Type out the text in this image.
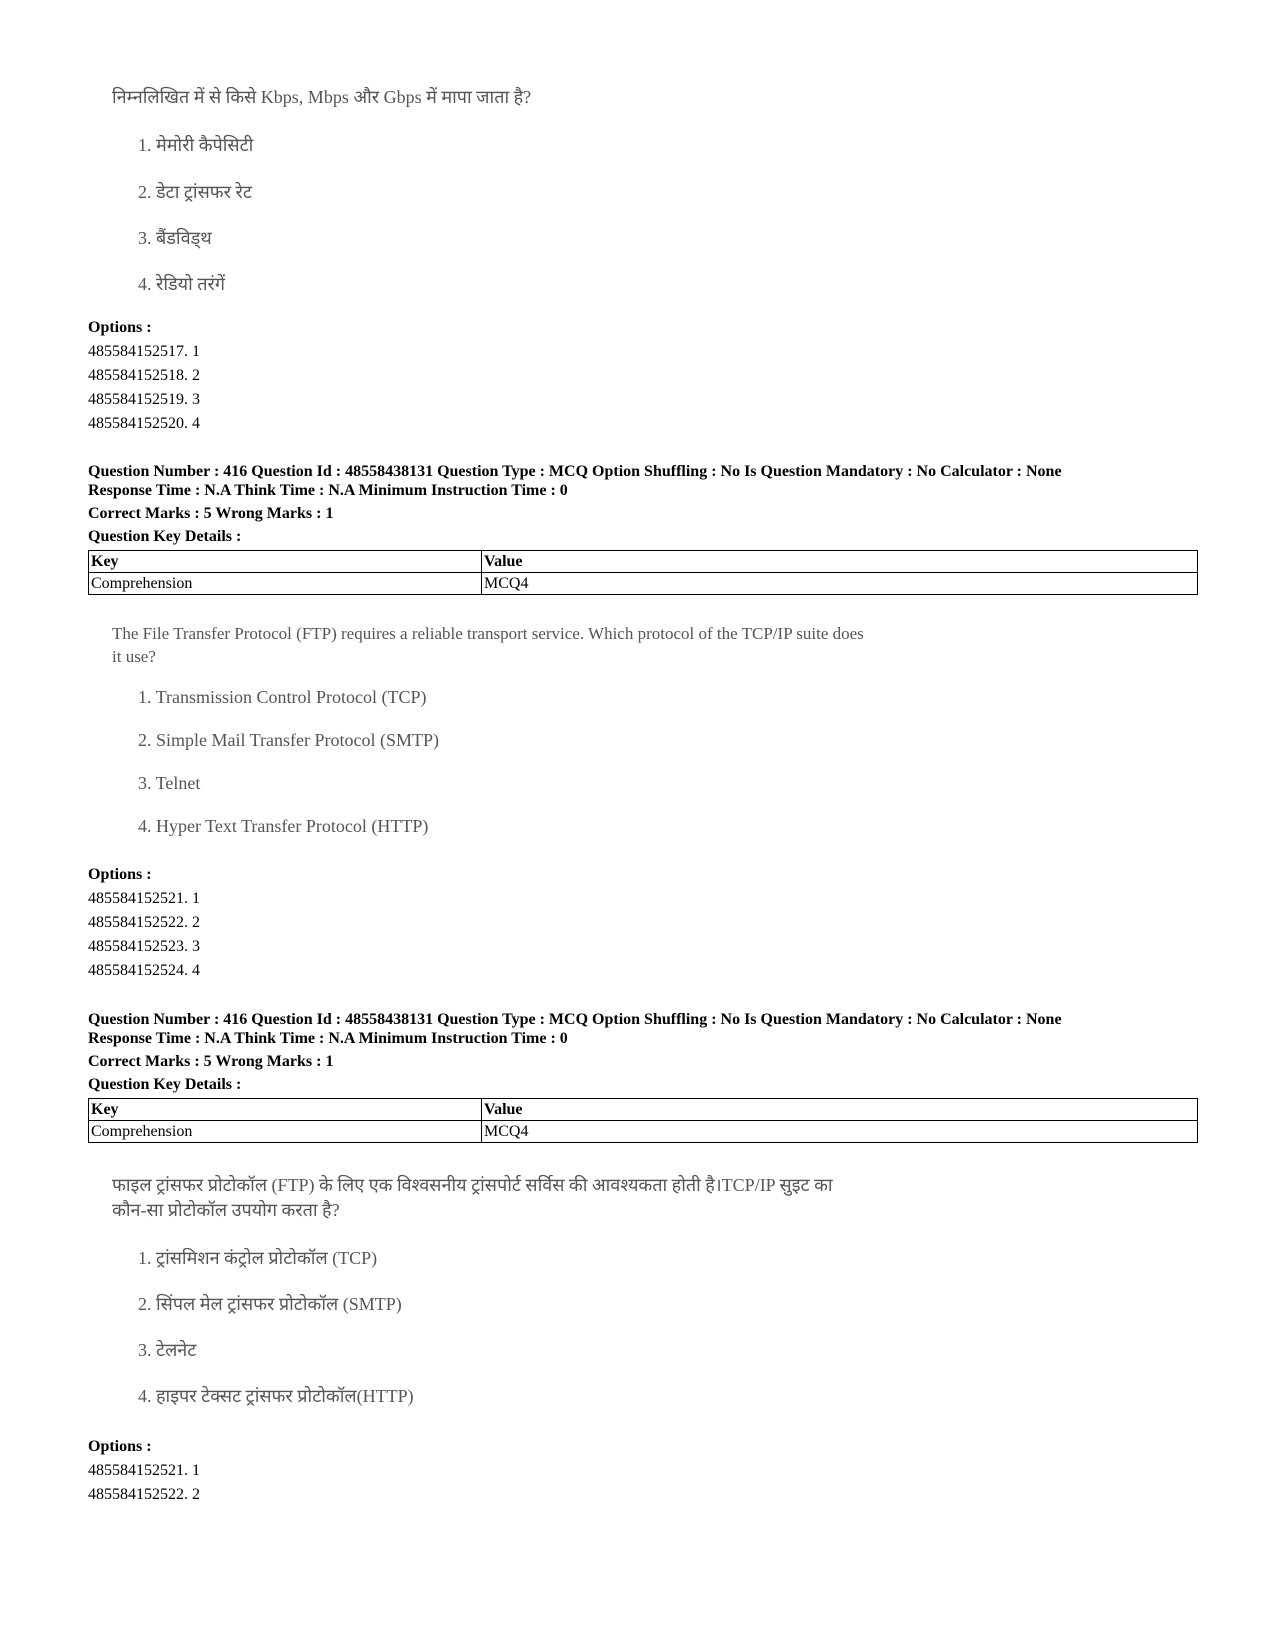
निम्नलिखित में से किसे Kbps, Mbps और Gbps में मापा जाता है?
1. मेमोरी कैपेसिटी
2. डेटा ट्रांसफर रेट
3. बैंडविड्थ
4. रेडियो तरंगें
Options :
485584152517. 1
485584152518. 2
485584152519. 3
485584152520. 4
Question Number : 416 Question Id : 48558438131 Question Type : MCQ Option Shuffling : No Is Question Mandatory : No Calculator : None
Response Time : N.A Think Time : N.A Minimum Instruction Time : 0
Correct Marks : 5 Wrong Marks : 1
Question Key Details :
Key	Value
Comprehension	MCQ4
The File Transfer Protocol (FTP) requires a reliable transport service. Which protocol of the TCP/IP suite does
it use?
1. Transmission Control Protocol (TCP)
2. Simple Mail Transfer Protocol (SMTP)
3. Telnet
4. Hyper Text Transfer Protocol (HTTP)
Options :
485584152521. 1
485584152522. 2
485584152523. 3
485584152524. 4
Question Number : 416 Question Id : 48558438131 Question Type : MCQ Option Shuffling : No Is Question Mandatory : No Calculator : None
Response Time : N.A Think Time : N.A Minimum Instruction Time : 0
Correct Marks : 5 Wrong Marks : 1
Question Key Details :
Key	Value
Comprehension	MCQ4
फाइल ट्रांसफर प्रोटोकॉल (FTP) के लिए एक विश्वसनीय ट्रांसपोर्ट सर्विस की आवश्यकता होती है।TCP/IP सुइट का
कौन-सा प्रोटोकॉल उपयोग करता है?
1. ट्रांसमिशन कंट्रोल प्रोटोकॉल (TCP)
2. सिंपल मेल ट्रांसफर प्रोटोकॉल (SMTP)
3. टेलनेट
4. हाइपर टेक्सट ट्रांसफर प्रोटोकॉल(HTTP)
Options :
485584152521. 1
485584152522. 2
